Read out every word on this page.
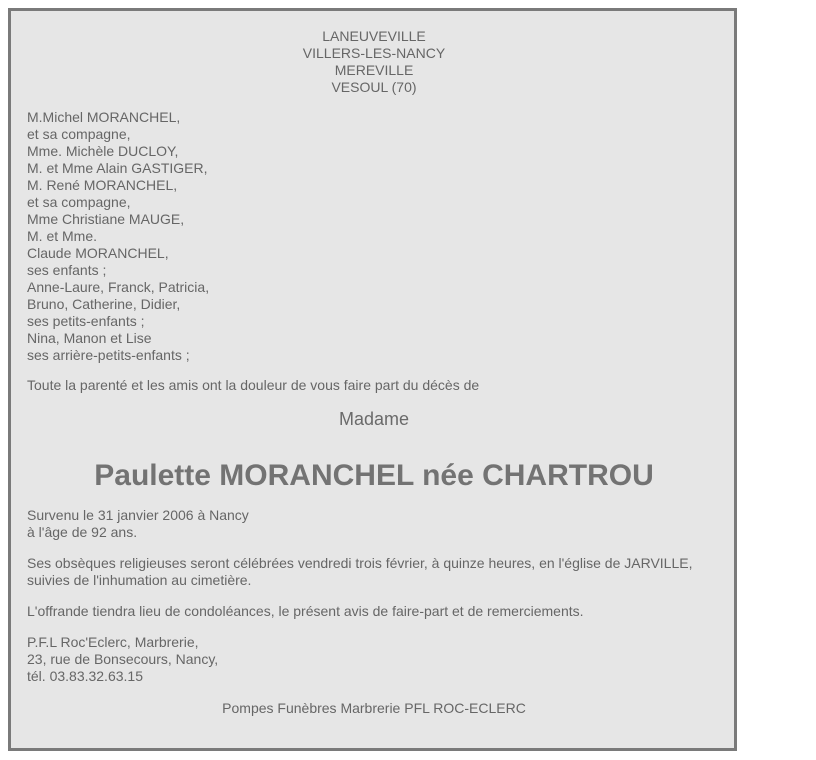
LANEUVEVILLE
VILLERS-LES-NANCY
MEREVILLE
VESOUL (70)
M.Michel MORANCHEL,
et sa compagne,
Mme. Michèle DUCLOY,
M. et Mme Alain GASTIGER,
M. René MORANCHEL,
et sa compagne,
Mme Christiane MAUGE,
M. et Mme.
Claude MORANCHEL,
ses enfants ;
Anne-Laure, Franck, Patricia,
Bruno, Catherine, Didier,
ses petits-enfants ;
Nina, Manon et Lise
ses arrière-petits-enfants ;
Toute la parenté et les amis ont la douleur de vous faire part du décès de
Madame
Paulette MORANCHEL née CHARTROU
Survenu le 31 janvier 2006 à Nancy
à l'âge de 92 ans.
Ses obsèques religieuses seront célébrées vendredi trois février, à quinze heures, en l'église de JARVILLE,
suivies de l'inhumation au cimetière.
L'offrande tiendra lieu de condoléances, le présent avis de faire-part et de remerciements.
P.F.L Roc'Eclerc, Marbrerie,
23, rue de Bonsecours, Nancy,
tél. 03.83.32.63.15
Pompes Funèbres Marbrerie PFL ROC-ECLERC
